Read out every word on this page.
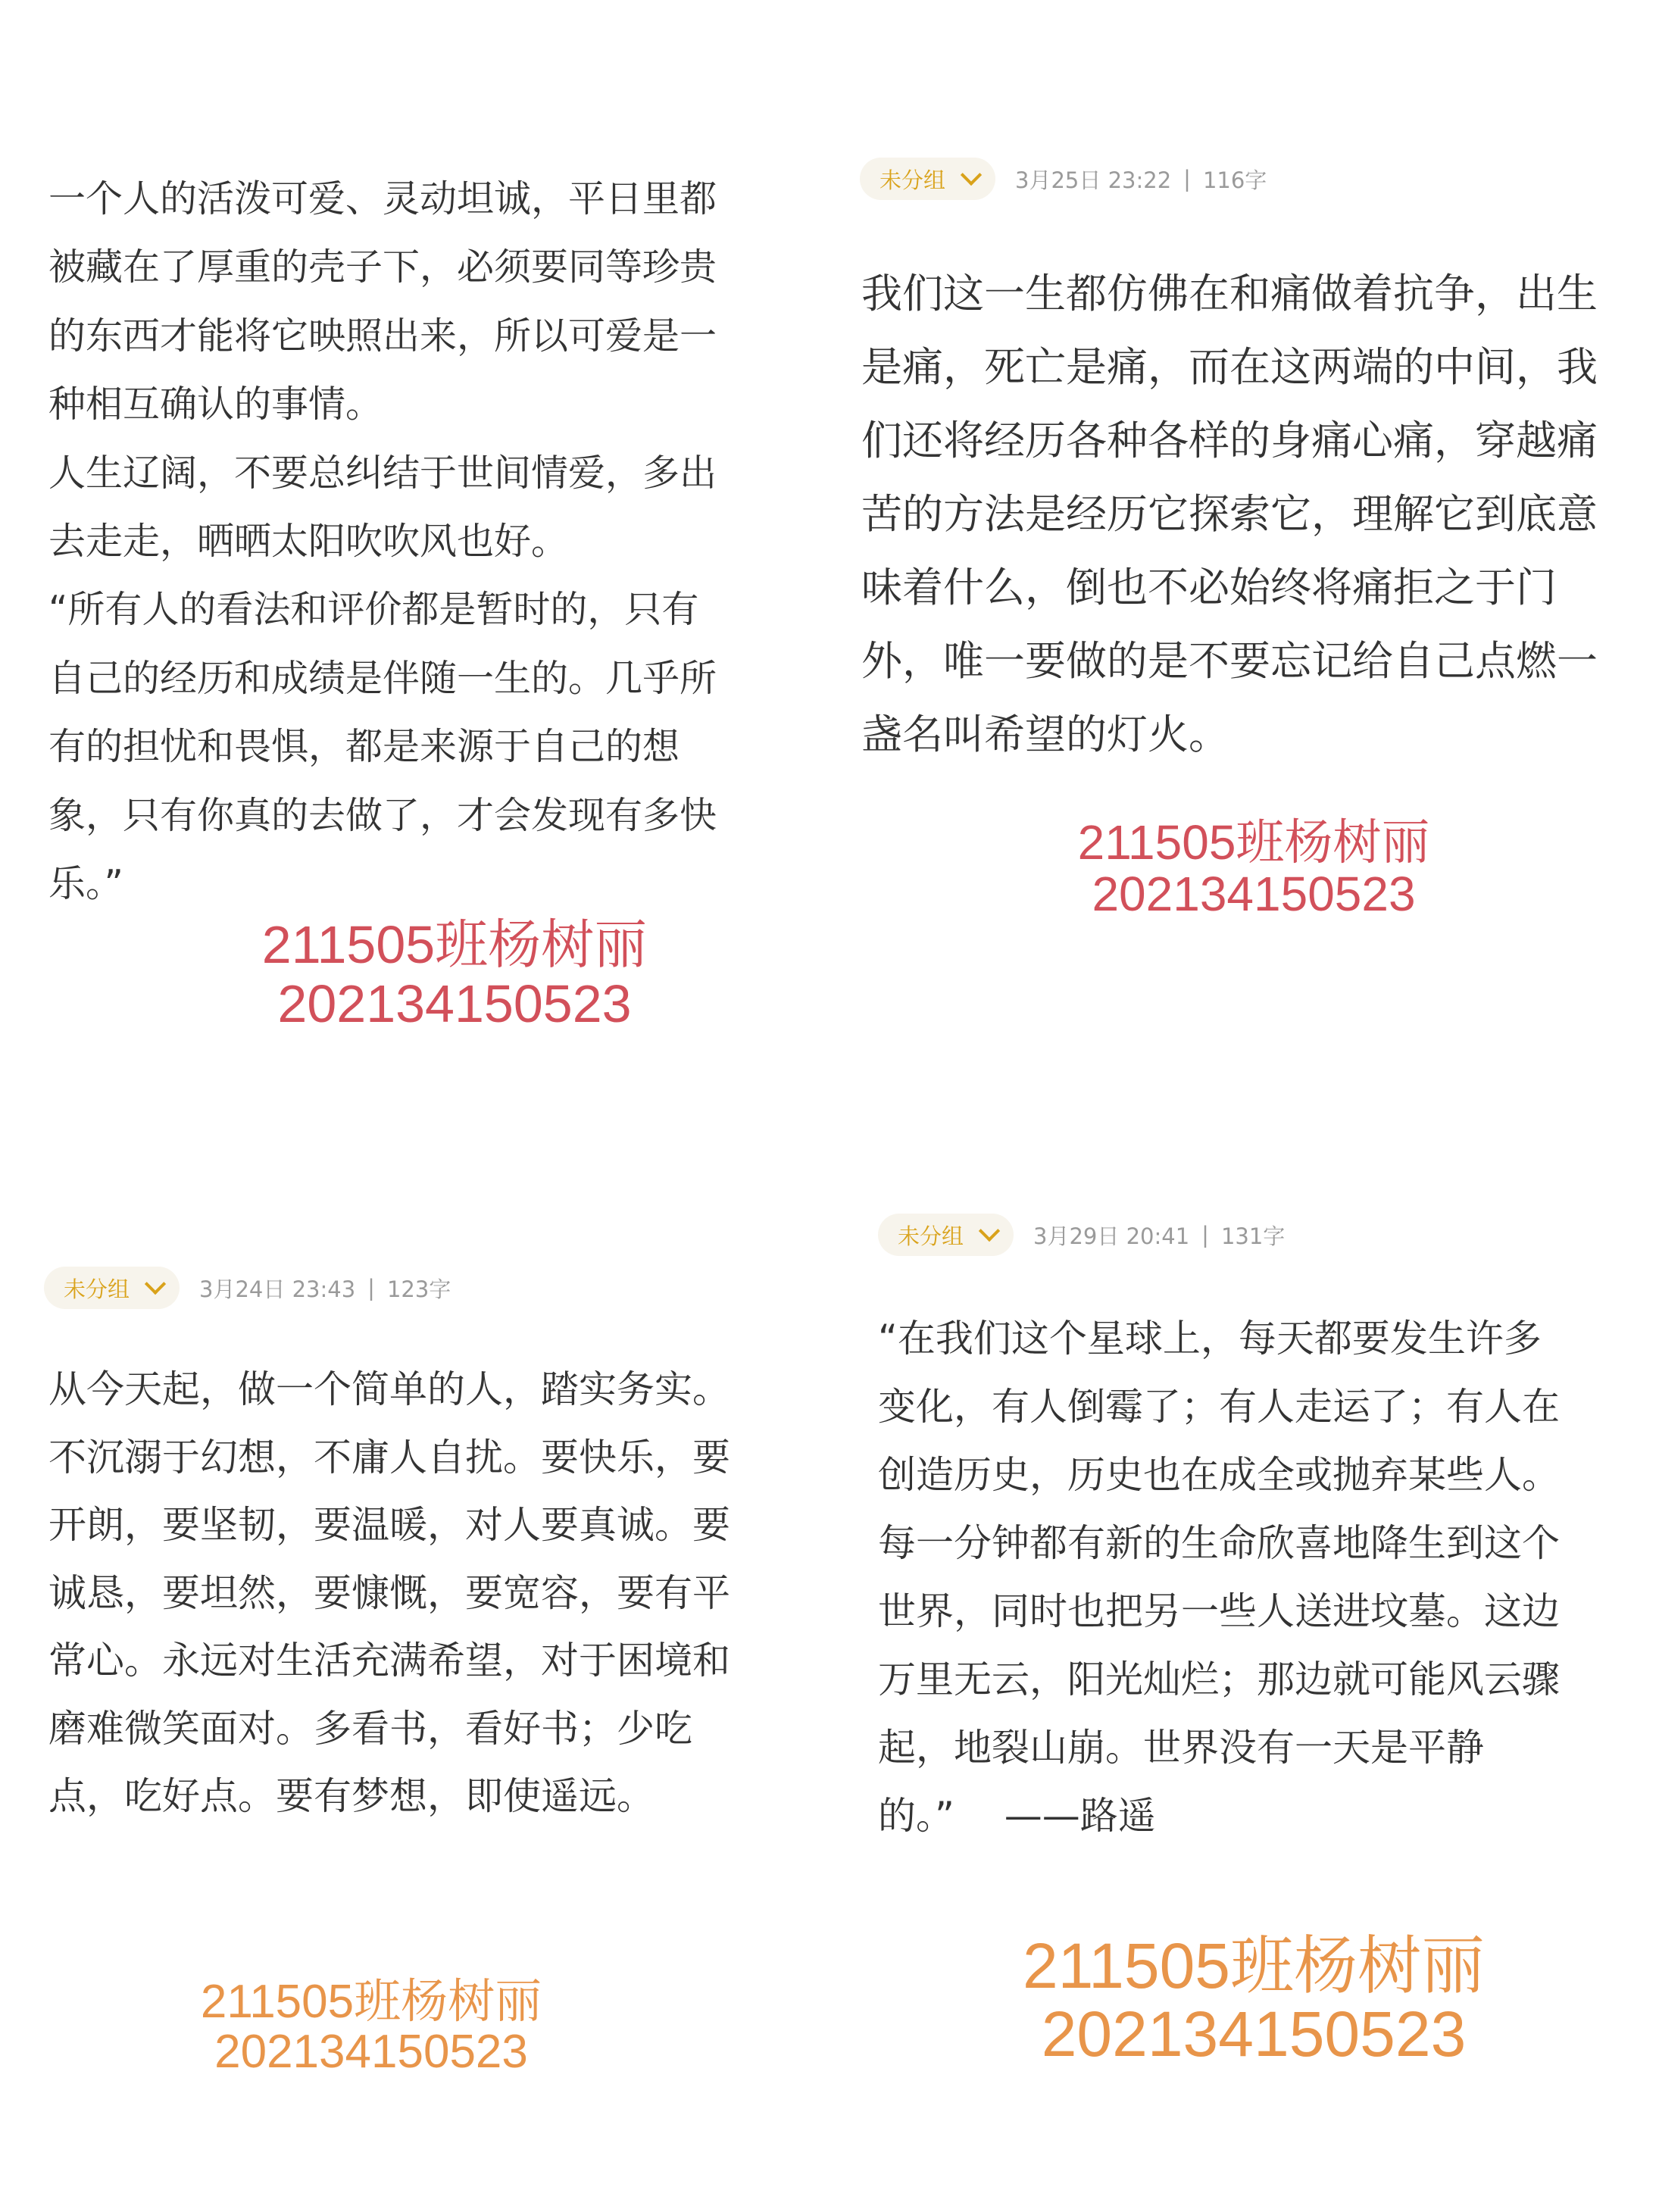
一个人的活泼可爱、灵动坦诚，平日里都
被藏在了厚重的壳子下，必须要同等珍贵
的东西才能将它映照出来，所以可爱是一
种相互确认的事情。
人生辽阔，不要总纠结于世间情爱，多出
去走走，晒晒太阳吹吹风也好。
“所有人的看法和评价都是暂时的，只有
自己的经历和成绩是伴随一生的。几乎所
有的担忧和畏惧，都是来源于自己的想
象，只有你真的去做了，才会发现有多快
乐。”
211505班杨树丽
202134150523
未分组	3月25日 23:22 | 116字
我们这一生都仿佛在和痛做着抗争，出生
是痛，死亡是痛，而在这两端的中间，我
们还将经历各种各样的身痛心痛，穿越痛
苦的方法是经历它探索它，理解它到底意
味着什么，倒也不必始终将痛拒之于门
外，唯一要做的是不要忘记给自己点燃一
盏名叫希望的灯火。
211505班杨树丽
202134150523
未分组	3月24日 23:43 | 123字
从今天起，做一个简单的人，踏实务实。
不沉溺于幻想，不庸人自扰。要快乐，要
开朗，要坚韧，要温暖，对人要真诚。要
诚恳，要坦然，要慷慨，要宽容，要有平
常心。永远对生活充满希望，对于困境和
磨难微笑面对。多看书，看好书；少吃
点，吃好点。要有梦想，即使遥远。
211505班杨树丽
202134150523
未分组	3月29日 20:41 | 131字
“在我们这个星球上，每天都要发生许多
变化，有人倒霉了；有人走运了；有人在
创造历史，历史也在成全或抛弃某些人。
每一分钟都有新的生命欣喜地降生到这个
世界，同时也把另一些人送进坟墓。这边
万里无云，阳光灿烂；那边就可能风云骤
起，地裂山崩。世界没有一天是平静
的。”　 ——路遥
211505班杨树丽
202134150523
